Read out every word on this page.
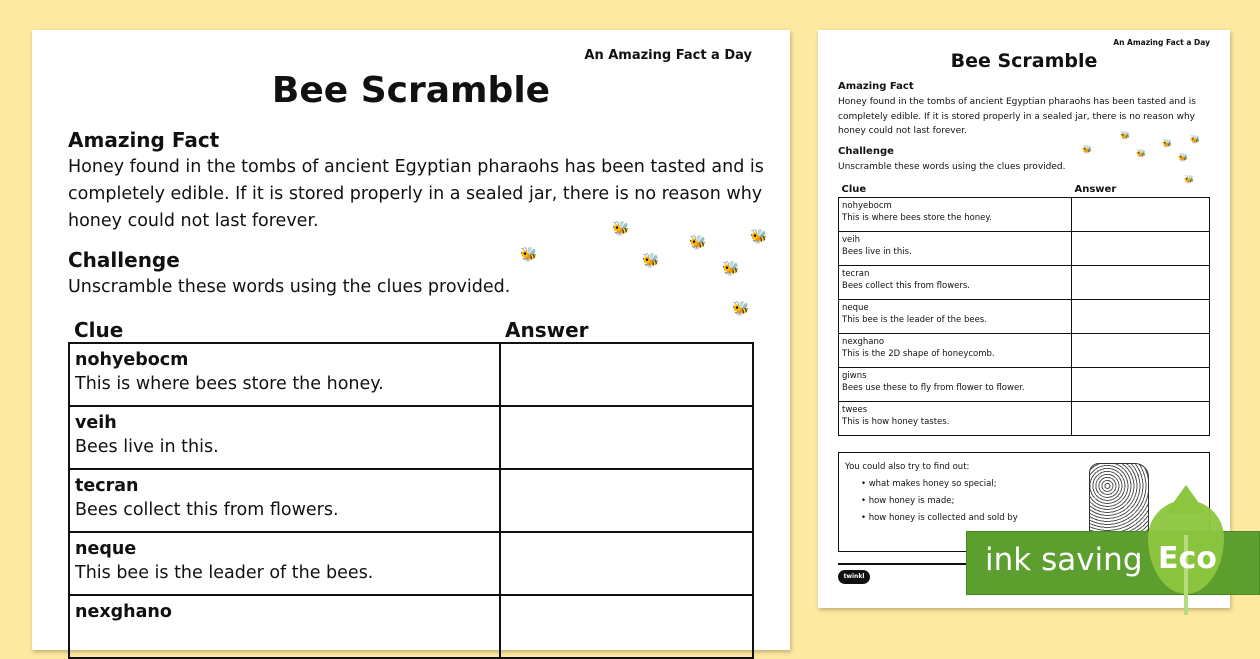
An Amazing Fact a Day
Bee Scramble
Amazing Fact
Honey found in the tombs of ancient Egyptian pharaohs has been tasted and is completely edible. If it is stored properly in a sealed jar, there is no reason why honey could not last forever.
Challenge
Unscramble these words using the clues provided.
🐝
🐝
🐝
🐝	🐝
🐝
🐝
Clue	Answer

nohyebocm
This is where bees store the honey.	

veih
Bees live in this.	

tecran
Bees collect this from flowers.	

neque
This bee is the leader of the bees.	

nexghano	

An Amazing Fact a Day
Bee Scramble
Amazing Fact
Honey found in the tombs of ancient Egyptian pharaohs has been tasted and is completely edible. If it is stored properly in a sealed jar, there is no reason why honey could not last forever.
Challenge
Unscramble these words using the clues provided.
🐝
🐝
🐝
🐝 🐝
🐝
🐝
Clue	Answer

nohyebocm
This is where bees store the honey.	

veih
Bees live in this.	

tecran
Bees collect this from flowers.	

neque
This bee is the leader of the bees.	

nexghano
This is the 2D shape of honeycomb.	

giwns
Bees use these to fly from flower to flower.	

twees
This is how honey tastes.	

You could also try to find out:
• what makes honey so special;
• how honey is made;
• how honey is collected and sold by
twinkl	ink saving Eco
